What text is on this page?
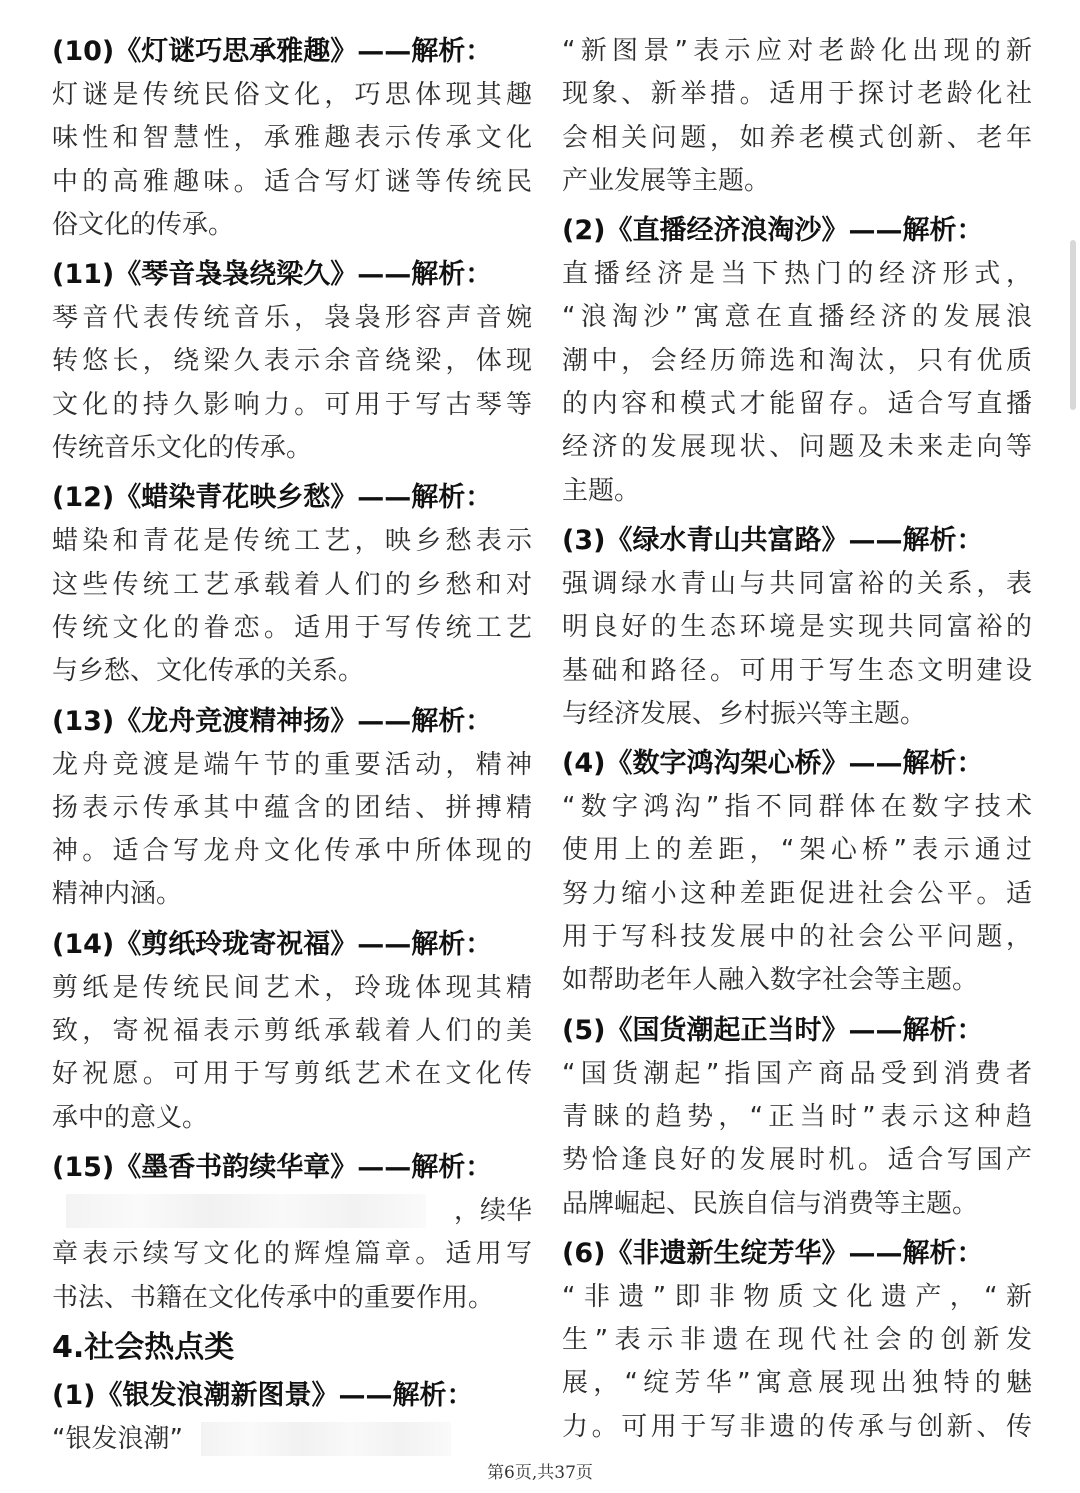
(10)《灯谜巧思承雅趣》——解析：
灯谜是传统民俗文化，巧思体现其趣
味性和智慧性，承雅趣表示传承文化
中的高雅趣味。适合写灯谜等传统民
俗文化的传承。
(11)《琴音袅袅绕梁久》——解析：
琴音代表传统音乐，袅袅形容声音婉
转悠长，绕梁久表示余音绕梁，体现
文化的持久影响力。可用于写古琴等
传统音乐文化的传承。
(12)《蜡染青花映乡愁》——解析：
蜡染和青花是传统工艺，映乡愁表示
这些传统工艺承载着人们的乡愁和对
传统文化的眷恋。适用于写传统工艺
与乡愁、文化传承的关系。
(13)《龙舟竞渡精神扬》——解析：
龙舟竞渡是端午节的重要活动，精神
扬表示传承其中蕴含的团结、拼搏精
神。适合写龙舟文化传承中所体现的
精神内涵。
(14)《剪纸玲珑寄祝福》——解析：
剪纸是传统民间艺术，玲珑体现其精
致，寄祝福表示剪纸承载着人们的美
好祝愿。可用于写剪纸艺术在文化传
承中的意义。
(15)《墨香书韵续华章》——解析：
，续华
章表示续写文化的辉煌篇章。适用写
书法、书籍在文化传承中的重要作用。
4.社会热点类
(1)《银发浪潮新图景》——解析：
“银发浪潮”
“新图景”表示应对老龄化出现的新
现象、新举措。适用于探讨老龄化社
会相关问题，如养老模式创新、老年
产业发展等主题。
(2)《直播经济浪淘沙》——解析：
直播经济是当下热门的经济形式，
“浪淘沙”寓意在直播经济的发展浪
潮中，会经历筛选和淘汰，只有优质
的内容和模式才能留存。适合写直播
经济的发展现状、问题及未来走向等
主题。
(3)《绿水青山共富路》——解析：
强调绿水青山与共同富裕的关系，表
明良好的生态环境是实现共同富裕的
基础和路径。可用于写生态文明建设
与经济发展、乡村振兴等主题。
(4)《数字鸿沟架心桥》——解析：
“数字鸿沟”指不同群体在数字技术
使用上的差距，“架心桥”表示通过
努力缩小这种差距促进社会公平。适
用于写科技发展中的社会公平问题，
如帮助老年人融入数字社会等主题。
(5)《国货潮起正当时》——解析：
“国货潮起”指国产商品受到消费者
青睐的趋势，“正当时”表示这种趋
势恰逢良好的发展时机。适合写国产
品牌崛起、民族自信与消费等主题。
(6)《非遗新生绽芳华》——解析：
“非遗”即非物质文化遗产，“新
生”表示非遗在现代社会的创新发
展，“绽芳华”寓意展现出独特的魅
力。可用于写非遗的传承与创新、传
第6页,共37页
